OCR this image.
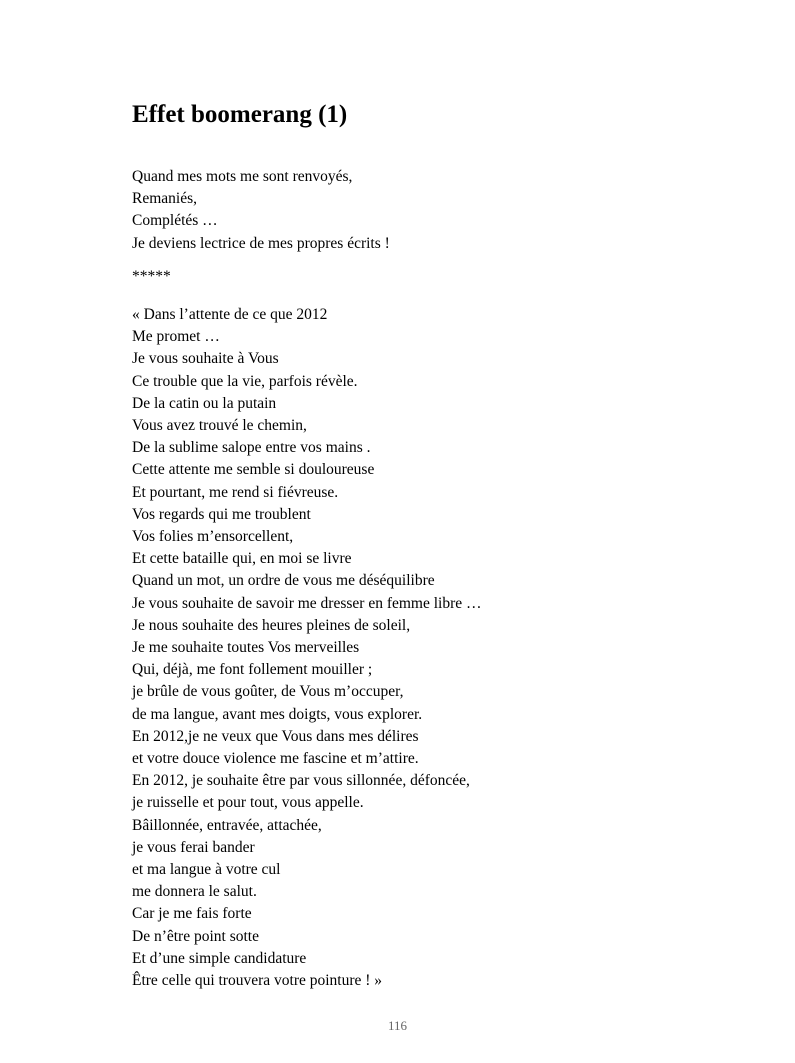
Effet boomerang (1)
Quand mes mots me sont renvoyés,
Remaniés,
Complétés …
Je deviens lectrice de mes propres écrits !

*****

« Dans l’attente de ce que 2012
Me promet …
Je vous souhaite à Vous
Ce trouble que la vie, parfois révèle.
De la catin ou la putain
Vous avez trouvé le chemin,
De la sublime salope entre vos mains .
Cette attente me semble si douloureuse
Et pourtant, me rend si fiévreuse.
Vos regards qui me troublent
Vos folies m’ensorcellent,
Et cette bataille qui, en moi se livre
Quand un mot, un ordre de vous me déséquilibre
Je vous souhaite de savoir me dresser en femme libre …
Je nous souhaite des heures pleines de soleil,
Je me souhaite toutes Vos merveilles
Qui, déjà, me font follement mouiller ;
je brûle de vous goûter, de Vous m’occuper,
de ma langue, avant mes doigts, vous explorer.
En 2012,je ne veux que Vous dans mes délires
et votre douce violence me fascine et m’attire.
En 2012, je souhaite être par vous sillonnée, défoncée,
je ruisselle et pour tout, vous appelle.
Bâillonnée, entravée, attachée,
je vous ferai bander
et ma langue à votre cul
me donnera le salut.
Car je me fais forte
De n’être point sotte
Et d’une simple candidature
Être celle qui trouvera votre pointure ! »

116
